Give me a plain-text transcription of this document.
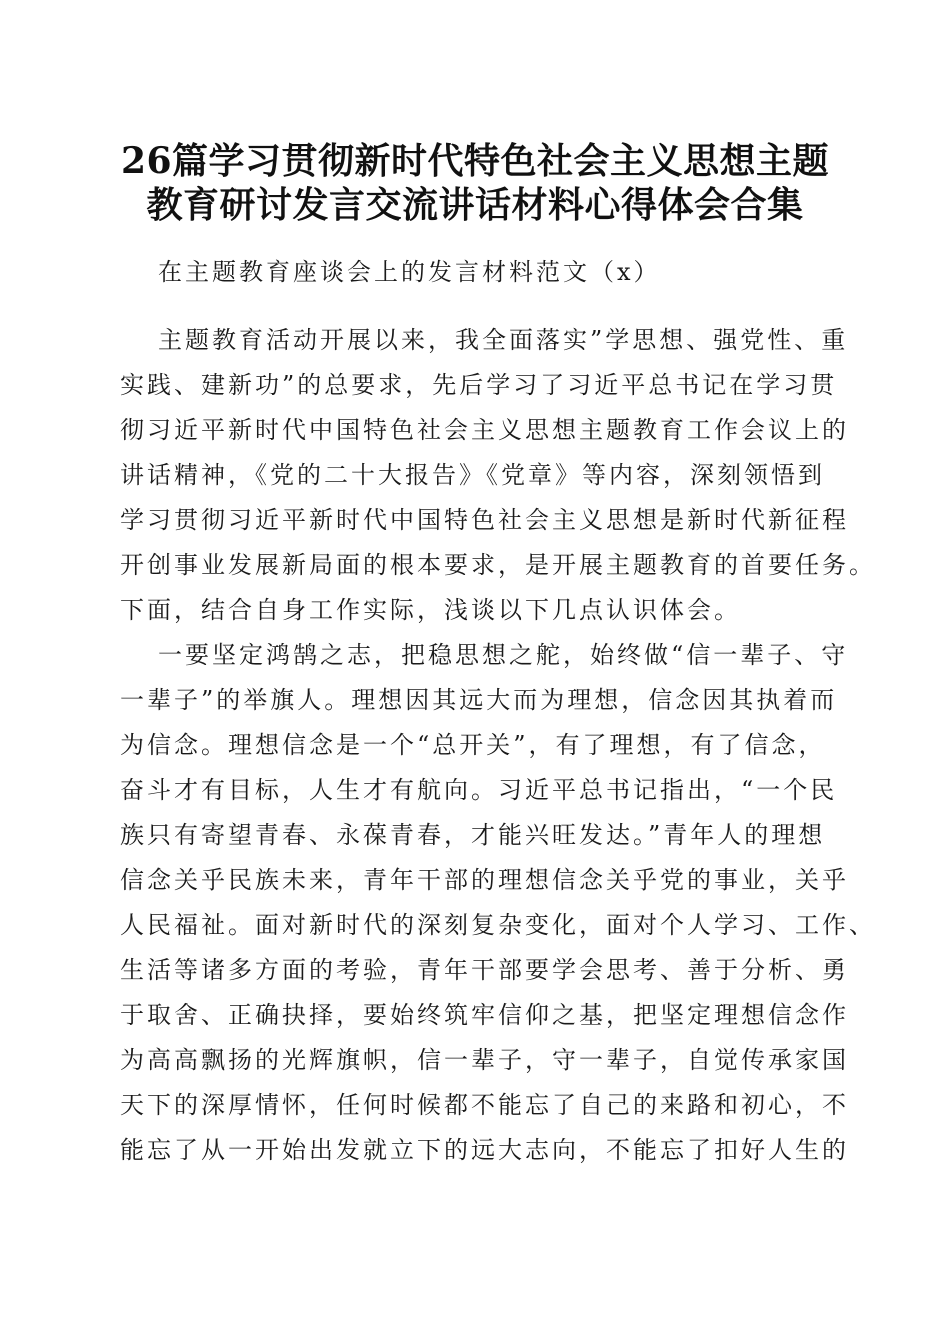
26篇学习贯彻新时代特色社会主义思想主题
教育研讨发言交流讲话材料心得体会合集
在主题教育座谈会上的发言材料范文（x）
主题教育活动开展以来，我全面落实”学思想、强党性、重
实践、建新功”的总要求，先后学习了习近平总书记在学习贯
彻习近平新时代中国特色社会主义思想主题教育工作会议上的
讲话精神，《党的二十大报告》《党章》等内容，深刻领悟到
学习贯彻习近平新时代中国特色社会主义思想是新时代新征程
开创事业发展新局面的根本要求，是开展主题教育的首要任务。
下面，结合自身工作实际，浅谈以下几点认识体会。
一要坚定鸿鹄之志，把稳思想之舵，始终做“信一辈子、守
一辈子”的举旗人。理想因其远大而为理想，信念因其执着而
为信念。理想信念是一个“总开关”，有了理想，有了信念，
奋斗才有目标，人生才有航向。习近平总书记指出，“一个民
族只有寄望青春、永葆青春，才能兴旺发达。”青年人的理想
信念关乎民族未来，青年干部的理想信念关乎党的事业，关乎
人民福祉。面对新时代的深刻复杂变化，面对个人学习、工作、
生活等诸多方面的考验，青年干部要学会思考、善于分析、勇
于取舍、正确抉择，要始终筑牢信仰之基，把坚定理想信念作
为高高飘扬的光辉旗帜，信一辈子，守一辈子，自觉传承家国
天下的深厚情怀，任何时候都不能忘了自己的来路和初心，不
能忘了从一开始出发就立下的远大志向，不能忘了扣好人生的
